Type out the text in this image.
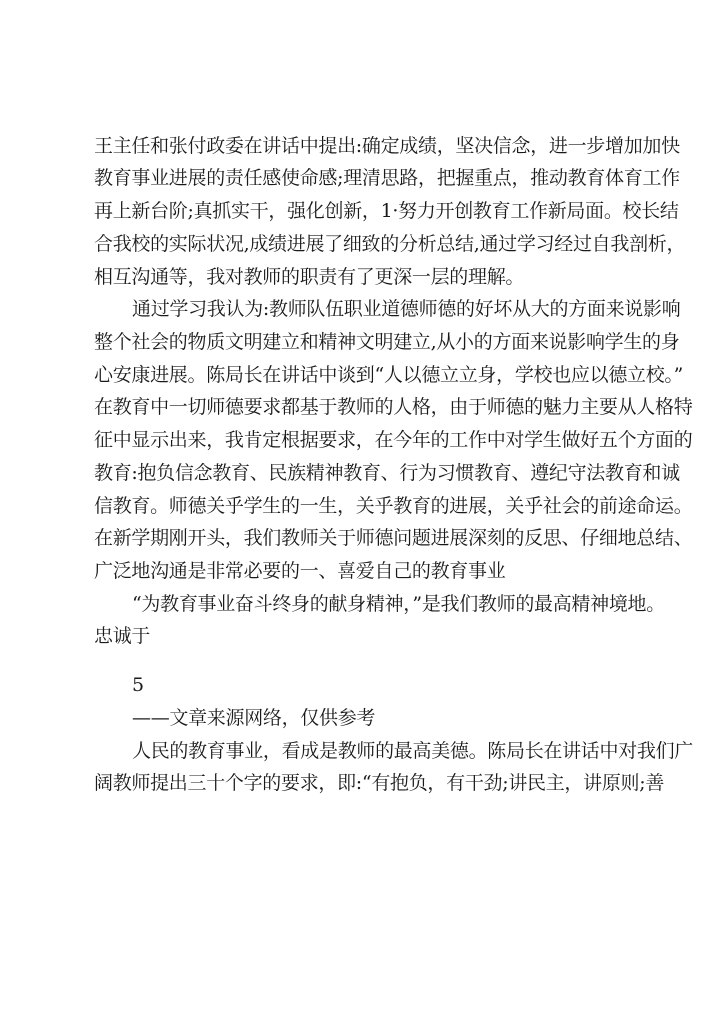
王主任和张付政委在讲话中提出:确定成绩，坚决信念，进一步增加加快
教育事业进展的责任感使命感;理清思路，把握重点，推动教育体育工作
再上新台阶;真抓实干，强化创新，1·努力开创教育工作新局面。校长结
合我校的实际状况,成绩进展了细致的分析总结,通过学习经过自我剖析，
相互沟通等，我对教师的职责有了更深一层的理解。
通过学习我认为:教师队伍职业道德师德的好坏从大的方面来说影响
整个社会的物质文明建立和精神文明建立,从小的方面来说影响学生的身
心安康进展。陈局长在讲话中谈到“人以德立立身，学校也应以德立校。”
在教育中一切师德要求都基于教师的人格，由于师德的魅力主要从人格特
征中显示出来，我肯定根据要求，在今年的工作中对学生做好五个方面的
教育:抱负信念教育、民族精神教育、行为习惯教育、遵纪守法教育和诚
信教育。师德关乎学生的一生，关乎教育的进展，关乎社会的前途命运。
在新学期刚开头，我们教师关于师德问题进展深刻的反思、仔细地总结、
广泛地沟通是非常必要的一、喜爱自己的教育事业
“为教育事业奋斗终身的献身精神，”是我们教师的最高精神境地。
忠诚于
5
——文章来源网络，仅供参考
人民的教育事业，看成是教师的最高美德。陈局长在讲话中对我们广
阔教师提出三十个字的要求，即:“有抱负，有干劲;讲民主，讲原则;善
